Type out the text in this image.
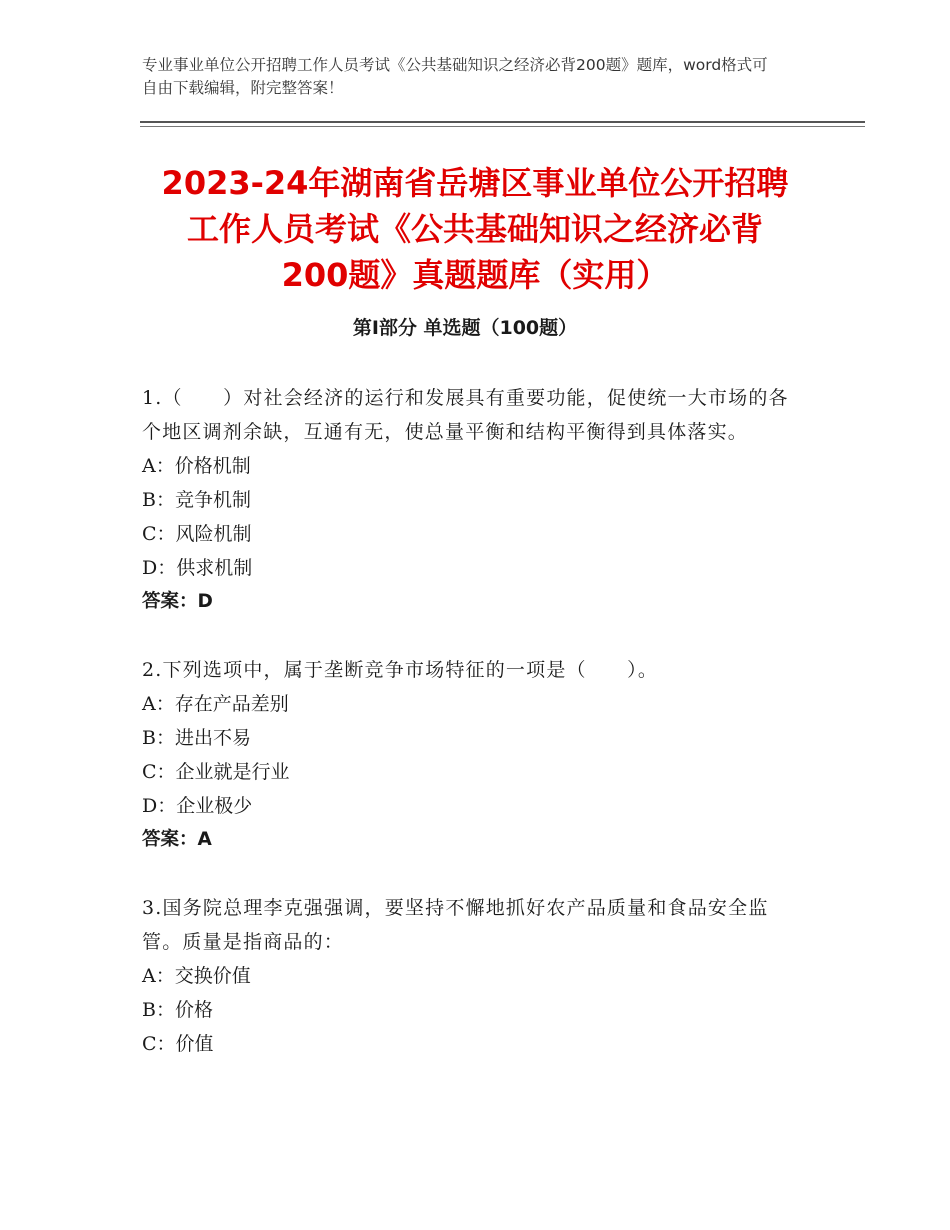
专业事业单位公开招聘工作人员考试《公共基础知识之经济必背200题》题库，word格式可自由下载编辑，附完整答案！
2023-24年湖南省岳塘区事业单位公开招聘
工作人员考试《公共基础知识之经济必背
200题》真题题库（实用）
第Ⅰ部分 单选题（100题）
1.（　　）对社会经济的运行和发展具有重要功能，促使统一大市场的各个地区调剂余缺，互通有无，使总量平衡和结构平衡得到具体落实。
A：价格机制
B：竞争机制
C：风险机制
D：供求机制
答案：D
2.下列选项中，属于垄断竞争市场特征的一项是（　　）。
A：存在产品差别
B：进出不易
C：企业就是行业
D：企业极少
答案：A
3.国务院总理李克强强调，要坚持不懈地抓好农产品质量和食品安全监管。质量是指商品的：
A：交换价值
B：价格
C：价值
